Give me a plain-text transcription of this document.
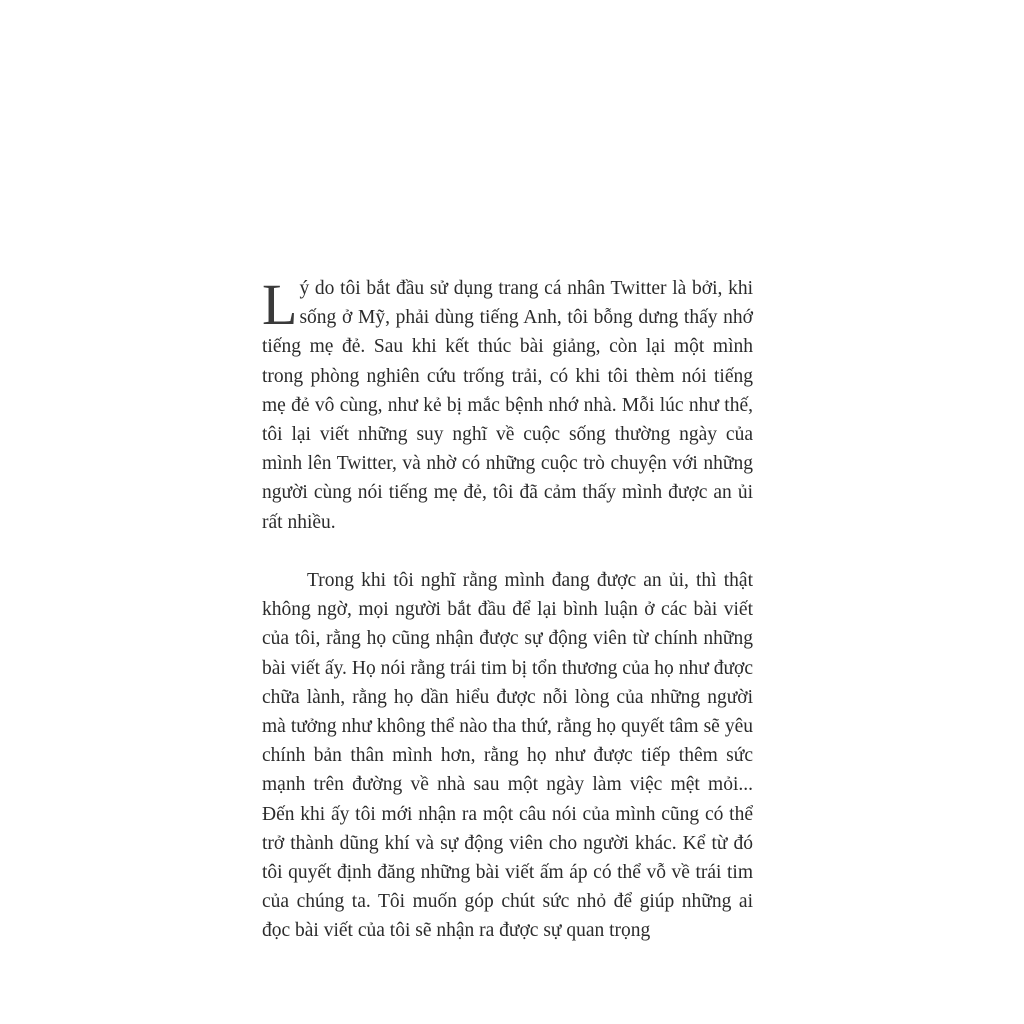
Lý do tôi bắt đầu sử dụng trang cá nhân Twitter là bởi, khi sống ở Mỹ, phải dùng tiếng Anh, tôi bỗng dưng thấy nhớ tiếng mẹ đẻ. Sau khi kết thúc bài giảng, còn lại một mình trong phòng nghiên cứu trống trải, có khi tôi thèm nói tiếng mẹ đẻ vô cùng, như kẻ bị mắc bệnh nhớ nhà. Mỗi lúc như thế, tôi lại viết những suy nghĩ về cuộc sống thường ngày của mình lên Twitter, và nhờ có những cuộc trò chuyện với những người cùng nói tiếng mẹ đẻ, tôi đã cảm thấy mình được an ủi rất nhiều.

Trong khi tôi nghĩ rằng mình đang được an ủi, thì thật không ngờ, mọi người bắt đầu để lại bình luận ở các bài viết của tôi, rằng họ cũng nhận được sự động viên từ chính những bài viết ấy. Họ nói rằng trái tim bị tổn thương của họ như được chữa lành, rằng họ dần hiểu được nỗi lòng của những người mà tưởng như không thể nào tha thứ, rằng họ quyết tâm sẽ yêu chính bản thân mình hơn, rằng họ như được tiếp thêm sức mạnh trên đường về nhà sau một ngày làm việc mệt mỏi... Đến khi ấy tôi mới nhận ra một câu nói của mình cũng có thể trở thành dũng khí và sự động viên cho người khác. Kể từ đó tôi quyết định đăng những bài viết ấm áp có thể vỗ về trái tim của chúng ta. Tôi muốn góp chút sức nhỏ để giúp những ai đọc bài viết của tôi sẽ nhận ra được sự quan trọng
